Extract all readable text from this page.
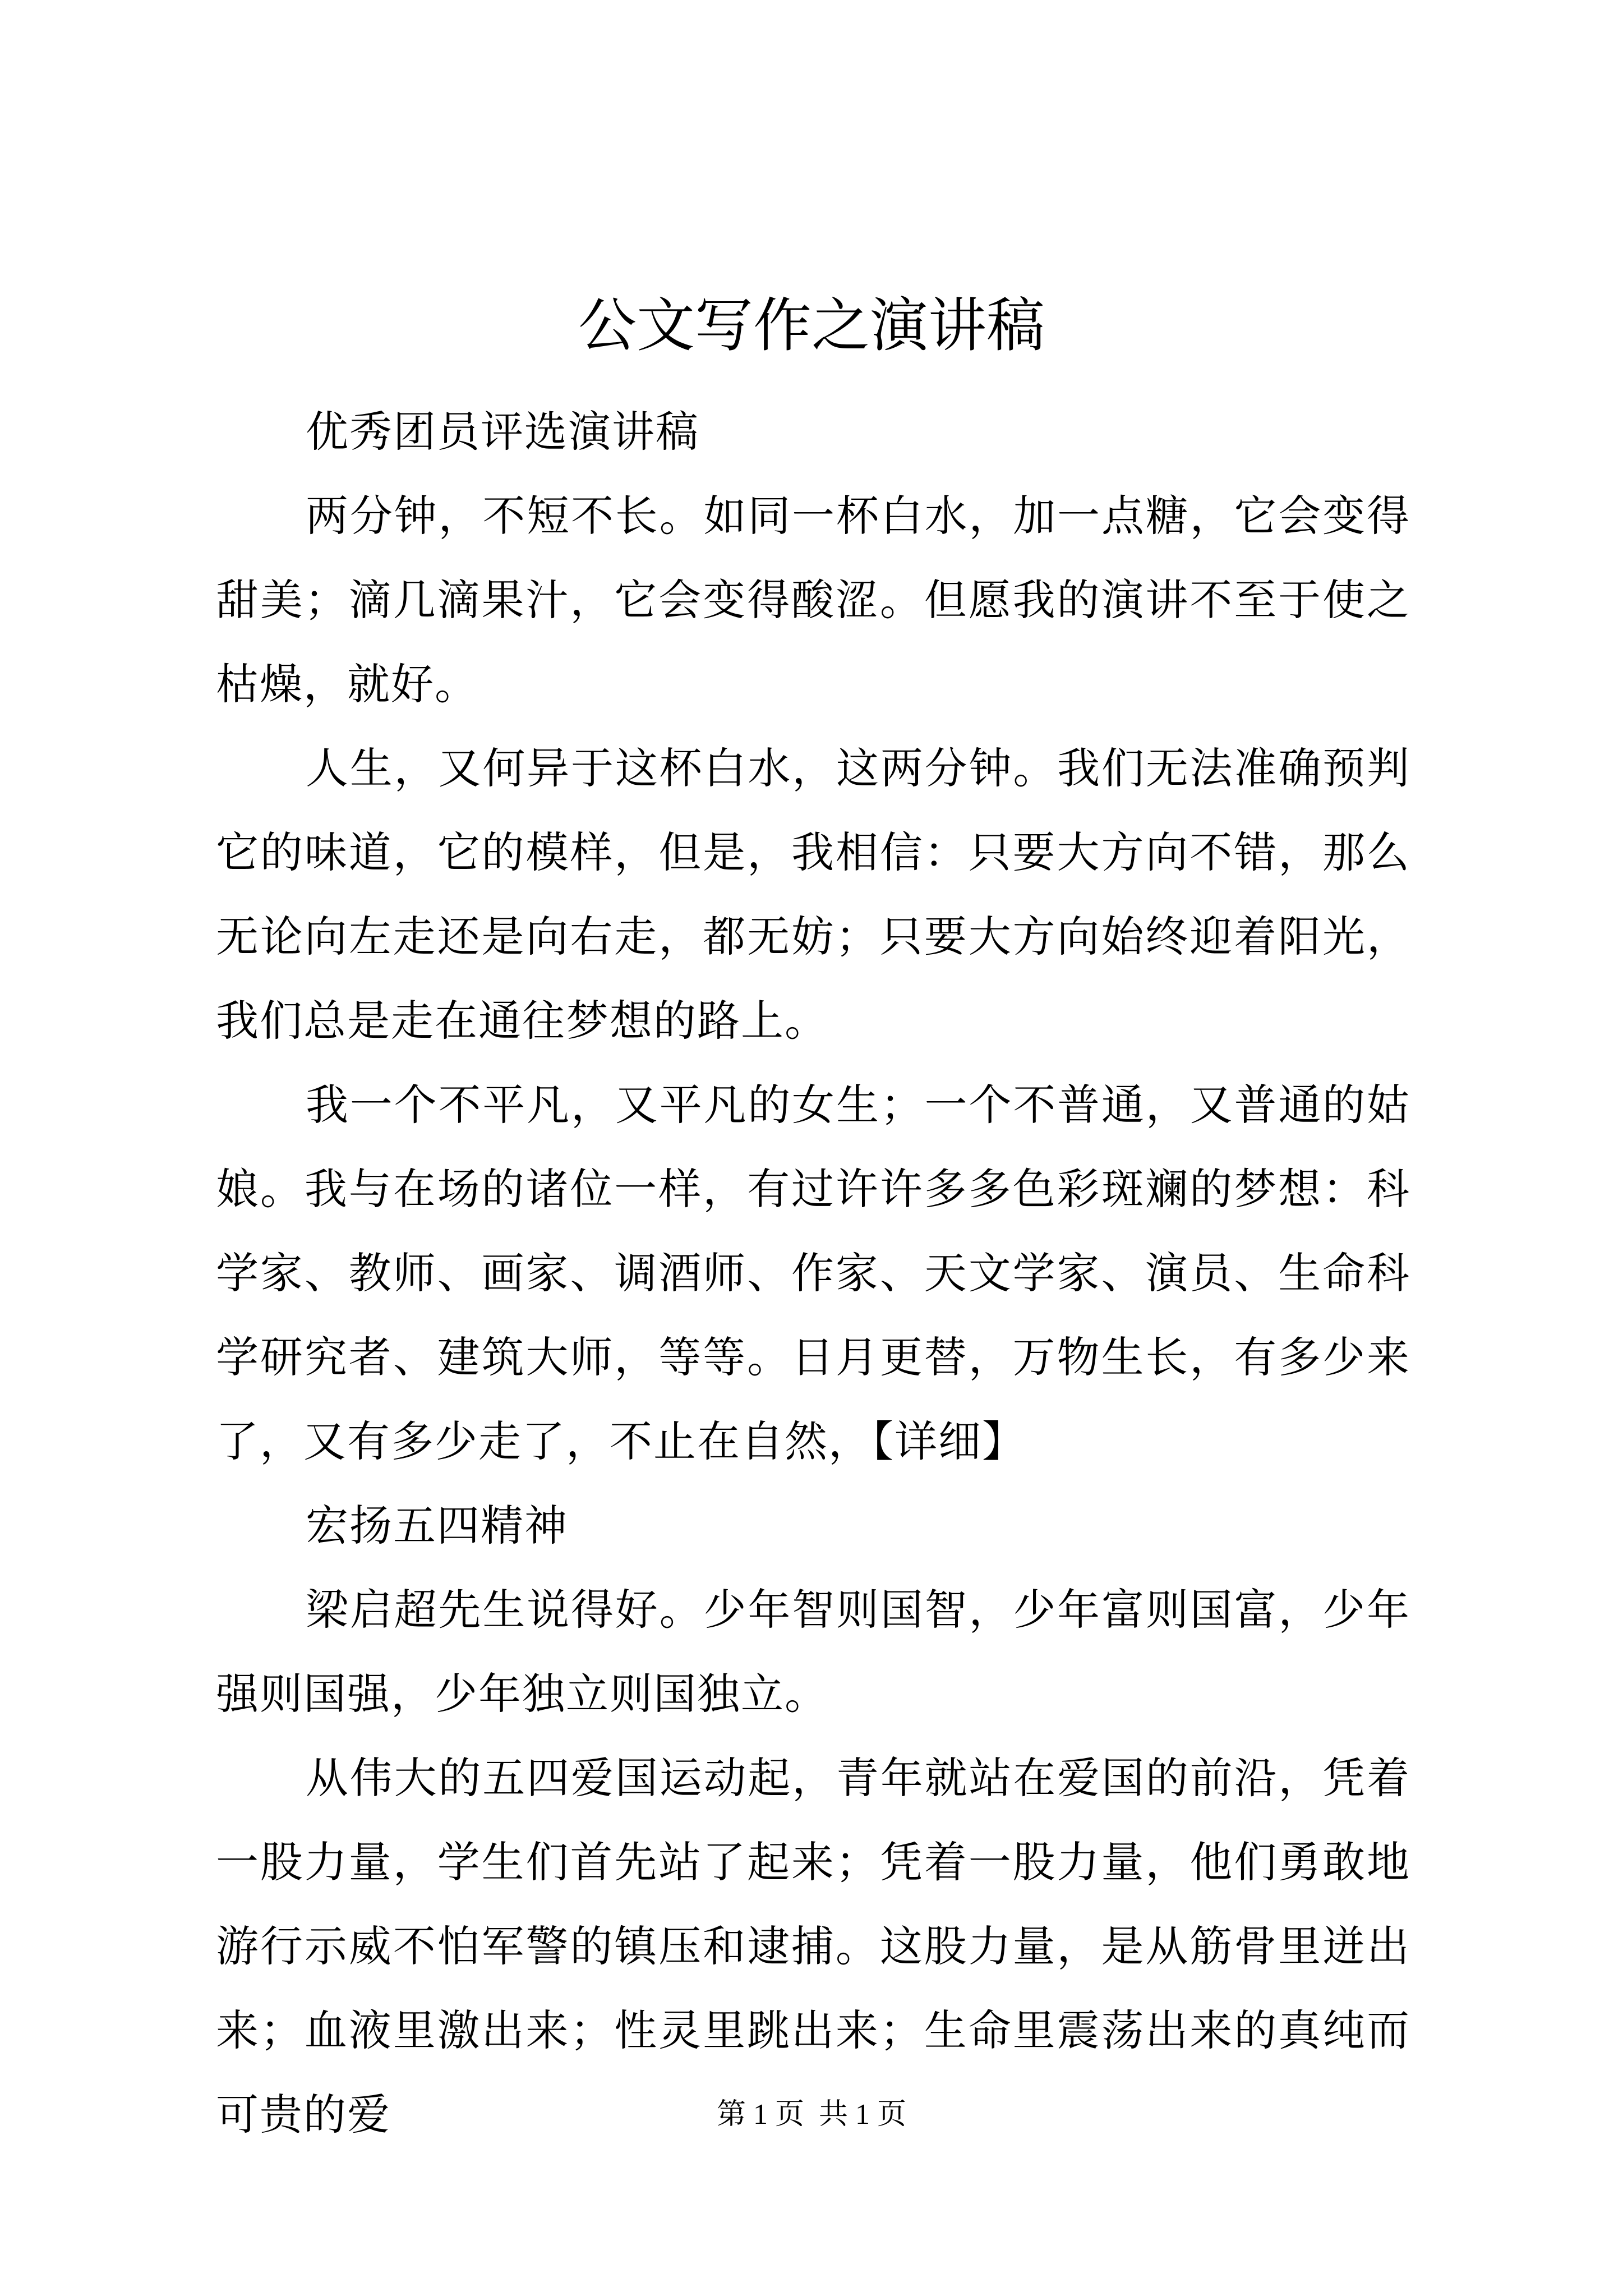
公文写作之演讲稿

优秀团员评选演讲稿

两分钟，不短不长。如同一杯白水，加一点糖，它会变得甜美；滴几滴果汁，它会变得酸涩。但愿我的演讲不至于使之枯燥，就好。

人生，又何异于这杯白水，这两分钟。我们无法准确预判它的味道，它的模样，但是，我相信：只要大方向不错，那么无论向左走还是向右走，都无妨；只要大方向始终迎着阳光，我们总是走在通往梦想的路上。

我一个不平凡，又平凡的女生；一个不普通，又普通的姑娘。我与在场的诸位一样，有过许许多多色彩斑斓的梦想：科学家、教师、画家、调酒师、作家、天文学家、演员、生命科学研究者、建筑大师，等等。日月更替，万物生长，有多少来了，又有多少走了，不止在自然，【详细】

宏扬五四精神

梁启超先生说得好。少年智则国智，少年富则国富，少年强则国强，少年独立则国独立。

从伟大的五四爱国运动起，青年就站在爱国的前沿，凭着一股力量，学生们首先站了起来；凭着一股力量，他们勇敢地游行示威不怕军警的镇压和逮捕。这股力量，是从筋骨里迸出来；血液里激出来；性灵里跳出来；生命里震荡出来的真纯而可贵的爱	第 1 页  共 1 页
